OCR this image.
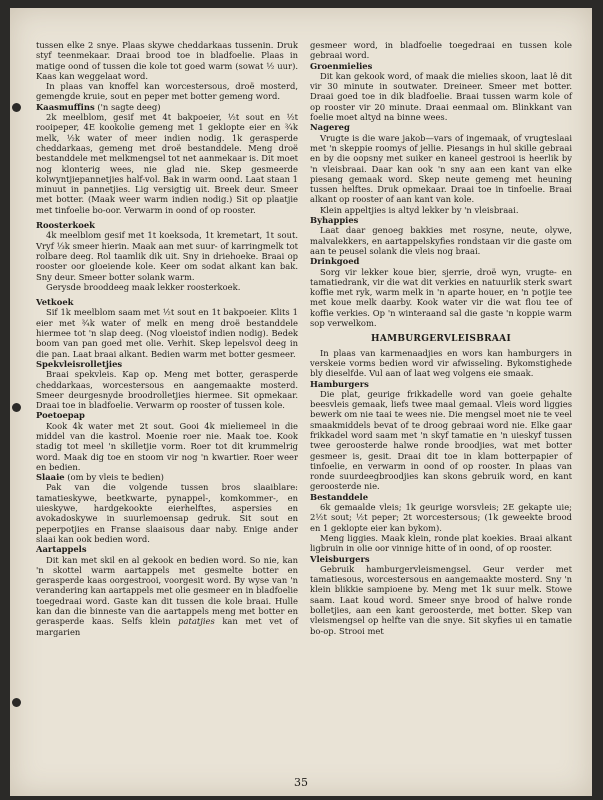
tussen elke 2 snye. Plaas skywe cheddarkaas tussenin. Druk styf teenmekaar. Draai brood toe in bladfoelie. Plaas in matige oond of tussen die kole tot goed warm (sowat ½ uur). Kaas kan weggelaat word.

In plaas van knoffel kan worcestersous, droë mosterd, gemengde kruie, sout en peper met botter gemeng word.

Kaasmuffins ('n sagte deeg)

2k meelblom, gesif met 4t bakpoeier, ½t sout en ½t rooipeper, 4E kookolie gemeng met 1 geklopte eier en ¾k melk, ½k water of meer indien nodig. 1k gerasperde cheddarkaas, gemeng met droë bestanddele. Meng droë bestanddele met melkmengsel tot net aanmekaar is. Dit moet nog klonterig wees, nie glad nie. Skep gesmeerde kolwyntjiepannetjies half-vol. Bak in warm oond. Laat staan 1 minuut in pannetjies. Lig versigtig uit. Breek deur. Smeer met botter. (Maak weer warm indien nodig.) Sit op plaatjie met tinfoelie bo-oor. Verwarm in oond of op rooster.

Roosterkoek

4k meelblom gesif met 1t koeksoda, 1t kremetart, 1t sout. Vryf ⅓k smeer hierin. Maak aan met suur- of karringmelk tot rolbare deeg. Rol taamlik dik uit. Sny in driehoeke. Braai op rooster oor gloeiende kole. Keer om sodat alkant kan bak. Sny deur. Smeer botter solank warm.

Gerysde brooddeeg maak lekker roosterkoek.

Vetkoek

Sif 1k meelblom saam met ½t sout en 1t bakpoeier. Klits 1 eier met ¾k water of melk en meng droë bestanddele hiermee tot 'n slap deeg. (Nog vloeistof indien nodig). Bedek boom van pan goed met olie. Verhit. Skep lepelsvol deeg in die pan. Laat braai alkant. Bedien warm met botter gesmeer.

Spekvleisrolletjies

Braai spekvleis. Kap op. Meng met botter, gerasperde cheddarkaas, worcestersous en aangemaakte mosterd. Smeer deurgesnyde broodrolletjies hiermee. Sit opmekaar. Draai toe in bladfoelie. Verwarm op rooster of tussen kole.

Poetoepap

Kook 4k water met 2t sout. Gooi 4k mieliemeel in die middel van die kastrol. Moenie roer nie. Maak toe. Kook stadig tot meel 'n skilletjie vorm. Roer tot dit krummelrig word. Maak dig toe en stoom vir nog 'n kwartier. Roer weer en bedien.

Slaaie (om by vleis te bedien)

Pak van die volgende tussen bros slaaiblare: tamatieskywe, beetkwarte, pynappel-, komkommer-, en uieskywe, hardgekookte eierhelftes, aspersies en avokadoskywe in suurlemoensap gedruk. Sit sout en peperpotjies en Franse slaaisous daar naby. Enige ander slaai kan ook bedien word.

Aartappels

Dit kan met skil en al gekook en bedien word. So nie, kan 'n skottel warm aartappels met gesmelte botter en gerasperde kaas oorgestrooi, voorgesit word. By wyse van 'n verandering kan aartappels met olie gesmeer en in bladfoelie toegedraai word. Gaste kan dit tussen die kole braai. Hulle kan dan die binneste van die aartappels meng met botter en gerasperde kaas. Selfs klein patatjies kan met vet of margarien

gesmeer word, in bladfoelie toegedraai en tussen kole gebraai word.

Groenmielies

Dit kan gekook word, of maak die mielies skoon, laat lê dit vir 30 minute in soutwater. Dreineer. Smeer met botter. Draai goed toe in dik bladfoelie. Braai tussen warm kole of op rooster vir 20 minute. Draai eenmaal om. Blinkkant van foelie moet altyd na binne wees.

Nagereg

Vrugte is die ware jakob—vars of ingemaak, of vrugteslaai met 'n skeppie roomys of jellie. Piesangs in hul skille gebraai en by die oopsny met suiker en kaneel gestrooi is heerlik by 'n vleisbraai. Daar kan ook 'n sny aan een kant van elke piesang gemaak word. Skep neute gemeng met heuning tussen helftes. Druk opmekaar. Draai toe in tinfoelie. Braai alkant op rooster of aan kant van kole.

Klein appeltjies is altyd lekker by 'n vleisbraai.

Byhappies

Laat daar genoeg bakkies met rosyne, neute, olywe, malvalekkers, en aartappelskyfies rondstaan vir die gaste om aan te peusel solank die vleis nog braai.

Drinkgoed

Sorg vir lekker koue bier, sjerrie, droë wyn, vrugte- en tamatiedrank, vir die wat dit verkies en natuurlik sterk swart koffie met ryk, warm melk in 'n aparte houer, en 'n potjie tee met koue melk daarby. Kook water vir die wat flou tee of koffie verkies. Op 'n winteraand sal die gaste 'n koppie warm sop verwelkom.

HAMBURGERVLEISBRAAI

In plaas van karmenaadjies en wors kan hamburgers in verskeie vorms bedien word vir afwisseling. Bykomstighede bly dieselfde. Vul aan of laat weg volgens eie smaak.

Hamburgers

Die plat, geurige frikkadelle word van goeie gehalte beesvleis gemaak, liefs twee maal gemaal. Vleis word liggies bewerk om nie taai te wees nie. Die mengsel moet nie te veel smaakmiddels bevat of te droog gebraai word nie. Elke gaar frikkadel word saam met 'n skyf tamatie en 'n uieskyf tussen twee geroosterde halwe ronde broodjies, wat met botter gesmeer is, gesit. Draai dit toe in klam botterpapier of tinfoelie, en verwarm in oond of op rooster. In plaas van ronde suurdeegbroodjies kan skons gebruik word, en kant geroosterde nie.

Bestanddele

6k gemaalde vleis; 1k geurige worsvleis; 2E gekapte uie; 2½t sout; ½t peper; 2t worcestersous; (1k geweekte brood en 1 geklopte eier kan bykom).

Meng liggies. Maak klein, ronde plat koekies. Braai alkant ligbruin in olie oor vinnige hitte of in oond, of op rooster.

Vleisburgers

Gebruik hamburgervleismengsel. Geur verder met tamatiesous, worcestersous en aangemaakte mosterd. Sny 'n klein blikkie sampioene by. Meng met 1k suur melk. Stowe saam. Laat koud word. Smeer snye brood of halwe ronde bolletjies, aan een kant geroosterde, met botter. Skep van vleismengsel op helfte van die snye. Sit skyfies ui en tamatie bo-op. Strooi met

35
